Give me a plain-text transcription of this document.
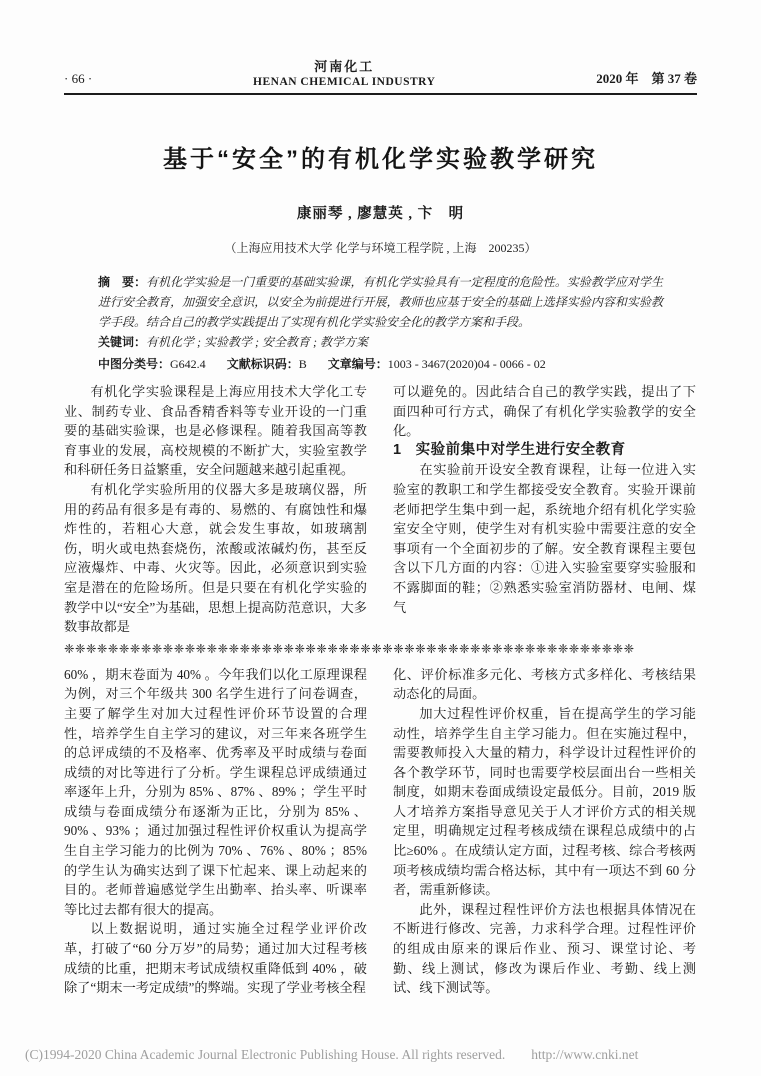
· 66 ·
河南化工
HENAN CHEMICAL INDUSTRY	2020 年　第 37 卷
基于“安全”的有机化学实验教学研究
康丽琴 , 廖慧英 , 卞　明
（上海应用技术大学 化学与环境工程学院 , 上海　200235）
摘　要：有机化学实验是一门重要的基础实验课，有机化学实验具有一定程度的危险性。实验教学应对学生进行安全教育，加强安全意识，以安全为前提进行开展，教师也应基于安全的基础上选择实验内容和实验教学手段。结合自己的教学实践提出了实现有机化学实验安全化的教学方案和手段。
关键词：有机化学 ; 实验教学 ; 安全教育 ; 教学方案
中图分类号：G642.4 文献标识码：B 文章编号：1003 - 3467(2020)04 - 0066 - 02

有机化学实验课程是上海应用技术大学化工专业、制药专业、食品香精香料等专业开设的一门重要的基础实验课，也是必修课程。随着我国高等教育事业的发展，高校规模的不断扩大，实验室教学和科研任务日益繁重，安全问题越来越引起重视。

有机化学实验所用的仪器大多是玻璃仪器，所用的药品有很多是有毒的、易燃的、有腐蚀性和爆炸性的，若粗心大意，就会发生事故，如玻璃割伤，明火或电热套烧伤，浓酸或浓碱灼伤，甚至反应液爆炸、中毒、火灾等。因此，必须意识到实验室是潜在的危险场所。但是只要在有机化学实验的教学中以“安全”为基础，思想上提高防范意识，大多数事故都是

可以避免的。因此结合自己的教学实践，提出了下面四种可行方式，确保了有机化学实验教学的安全化。

1 实验前集中对学生进行安全教育

在实验前开设安全教育课程，让每一位进入实验室的教职工和学生都接受安全教育。实验开课前老师把学生集中到一起，系统地介绍有机化学实验室安全守则，使学生对有机实验中需要注意的安全事项有一个全面初步的了解。安全教育课程主要包含以下几方面的内容：①进入实验室要穿实验服和不露脚面的鞋；②熟悉实验室消防器材、电闸、煤气

❈❈❈❈❈❈❈❈❈❈❈❈❈❈❈❈❈❈❈❈❈❈❈❈❈❈❈❈❈❈❈❈❈❈❈❈❈❈❈❈❈❈❈❈❈❈❈❈❈❈❈❈

60% ，期末卷面为 40% 。今年我们以化工原理课程为例，对三个年级共 300 名学生进行了问卷调查，主要了解学生对加大过程性评价环节设置的合理性，培养学生自主学习的建议，对三年来各班学生的总评成绩的不及格率、优秀率及平时成绩与卷面成绩的对比等进行了分析。学生课程总评成绩通过率逐年上升，分别为 85% 、87% 、89% ；学生平时成绩与卷面成绩分布逐渐为正比，分别为 85% 、90% 、93% ；通过加强过程性评价权重认为提高学生自主学习能力的比例为 70% 、76% 、80% ；85% 的学生认为确实达到了课下忙起来、课上动起来的目的。老师普遍感觉学生出勤率、抬头率、听课率等比过去都有很大的提高。

以上数据说明，通过实施全过程学业评价改革，打破了“60 分万岁”的局势；通过加大过程考核成绩的比重，把期末考试成绩权重降低到 40% ，破除了“期末一考定成绩”的弊端。实现了学业考核全程

化、评价标准多元化、考核方式多样化、考核结果动态化的局面。

加大过程性评价权重，旨在提高学生的学习能动性，培养学生自主学习能力。但在实施过程中，需要教师投入大量的精力，科学设计过程性评价的各个教学环节，同时也需要学校层面出台一些相关制度，如期末卷面成绩设定最低分。目前，2019 版人才培养方案指导意见关于人才评价方式的相关规定里，明确规定过程考核成绩在课程总成绩中的占比≥60% 。在成绩认定方面，过程考核、综合考核两项考核成绩均需合格达标，其中有一项达不到 60 分者，需重新修读。

此外，课程过程性评价方法也根据具体情况在不断进行修改、完善，力求科学合理。过程性评价的组成由原来的课后作业、预习、课堂讨论、考勤、线上测试，修改为课后作业、考勤、线上测试、线下测试等。

(C)1994-2020 China Academic Journal Electronic Publishing House. All rights reserved. http://www.cnki.net
